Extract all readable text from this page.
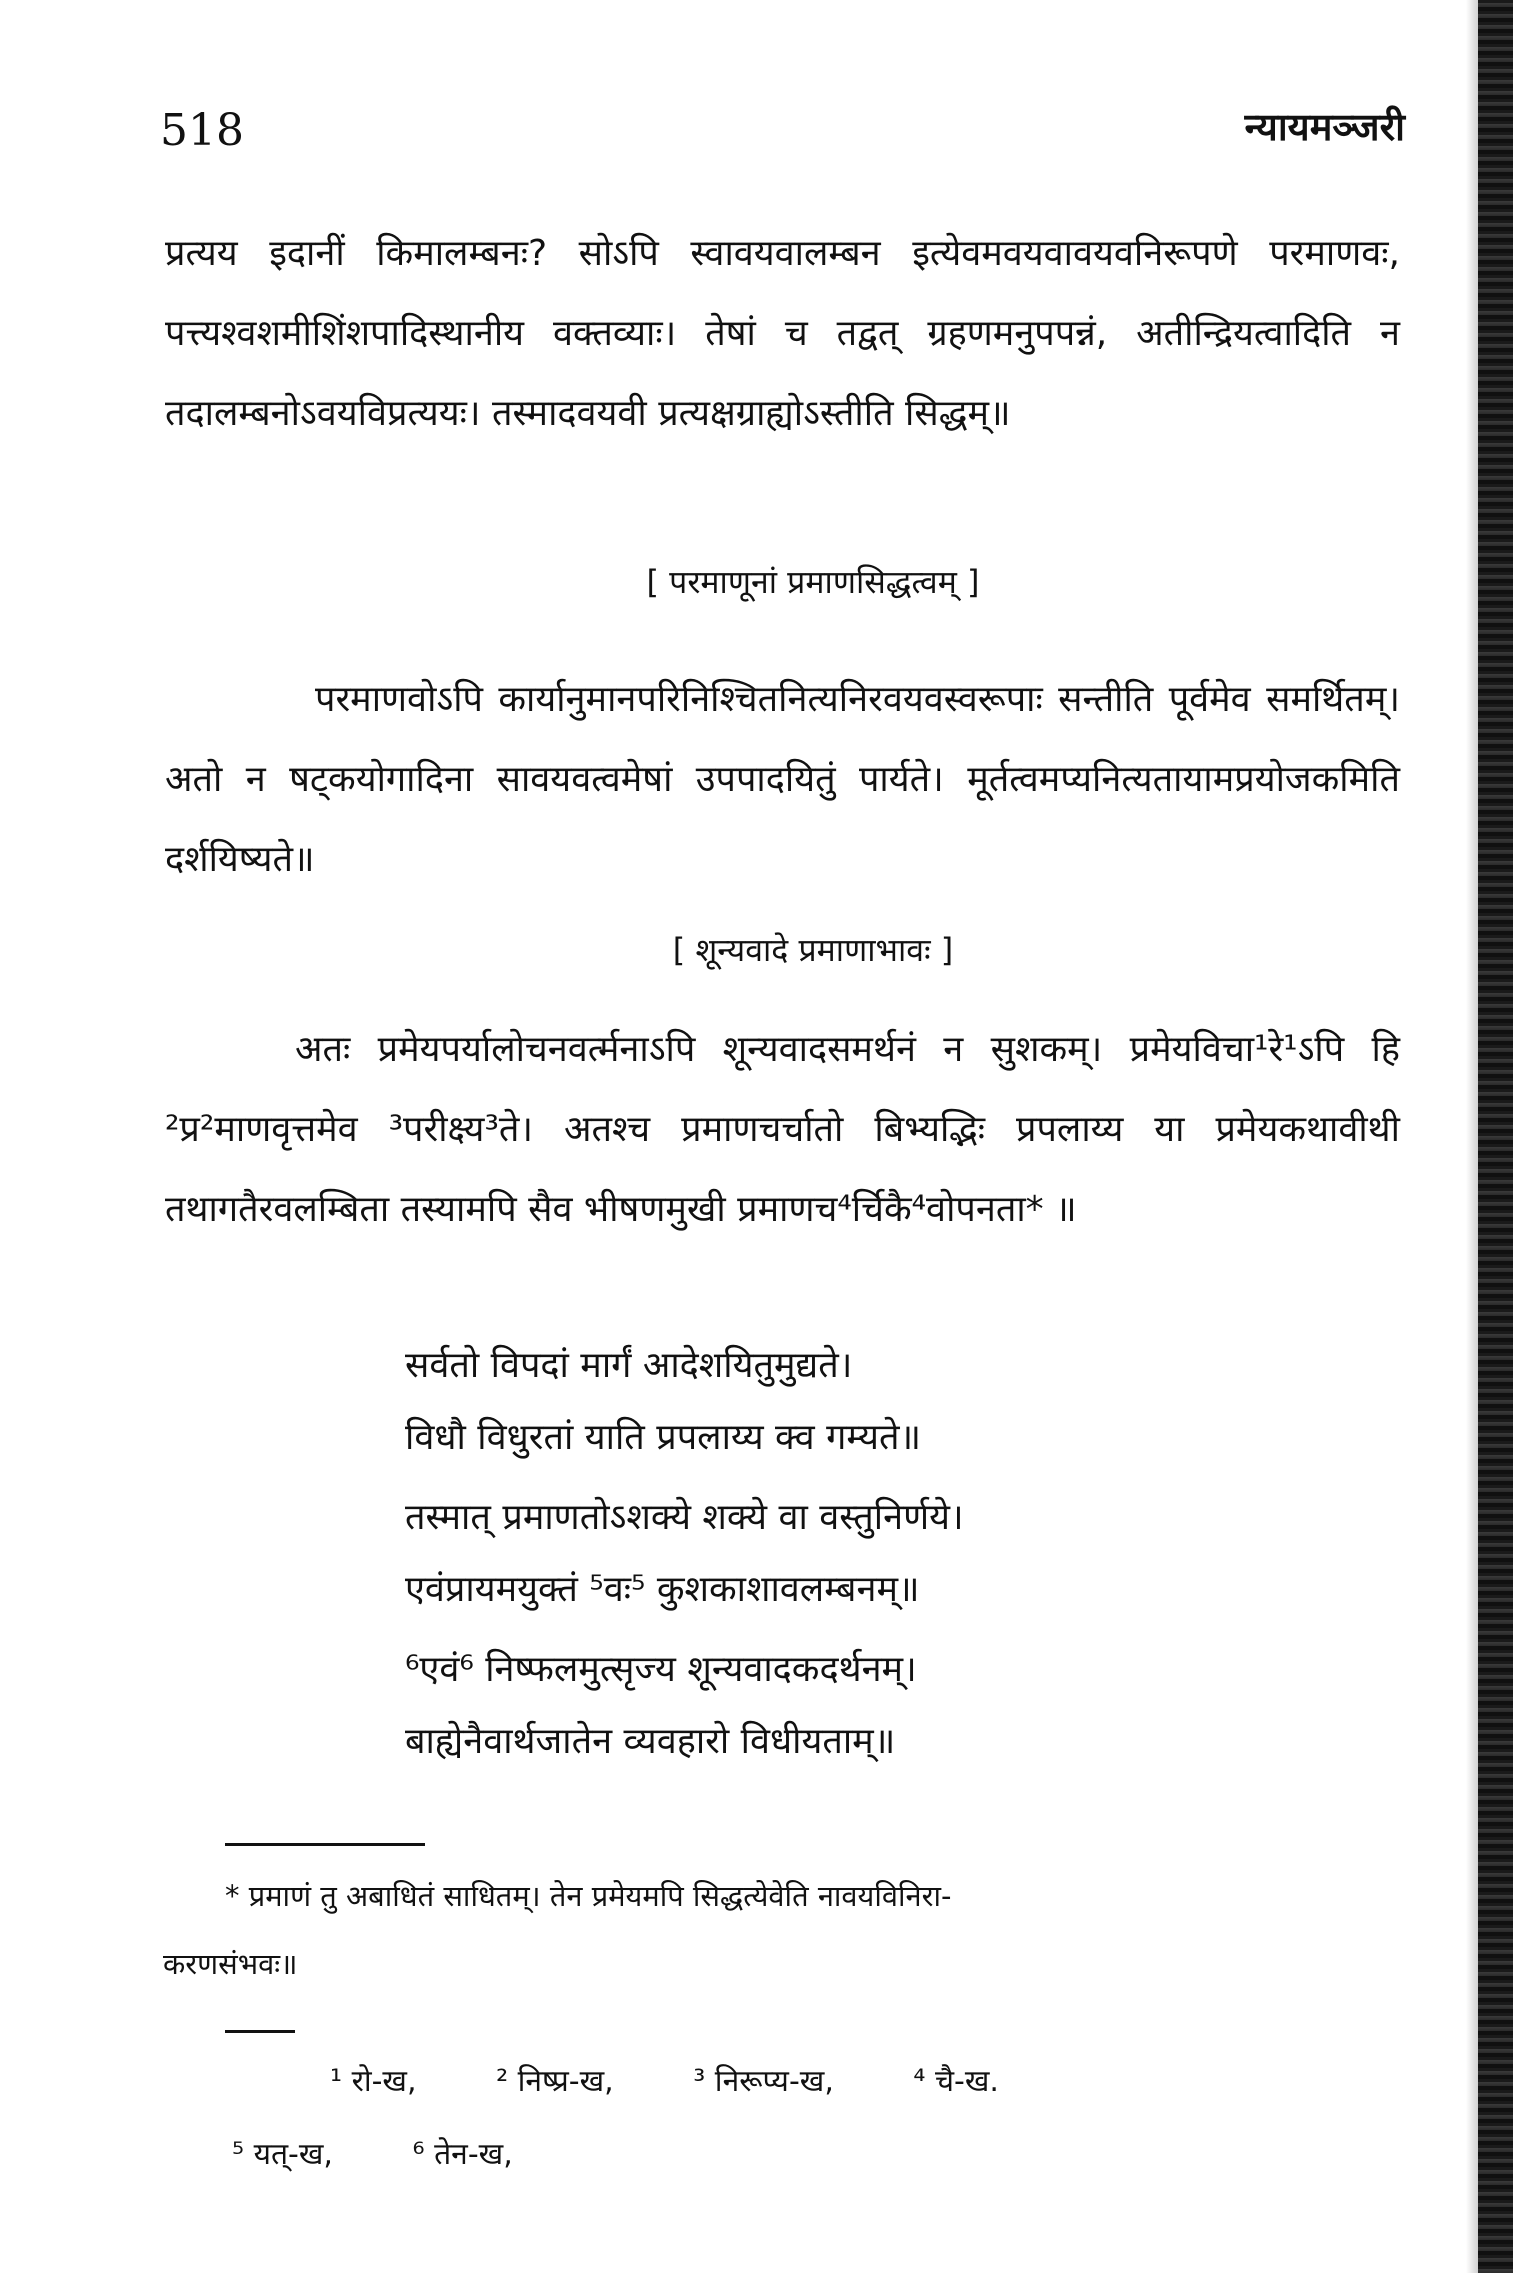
518	न्यायमञ्जरी

प्रत्यय इदानीं किमालम्बनः? सोऽपि स्वावयवालम्बन इत्येवमवयवावयवनिरूपणे परमाणवः, पत्त्यश्वशमीशिंशपादिस्थानीय वक्तव्याः। तेषां च तद्वत् ग्रहणमनुपपन्नं, अतीन्द्रियत्वादिति न तदालम्बनोऽवयविप्रत्ययः। तस्मादवयवी प्रत्यक्षग्राह्योऽस्तीति सिद्धम्॥

[ परमाणूनां प्रमाणसिद्धत्वम् ]

परमाणवोऽपि कार्यानुमानपरिनिश्चितनित्यनिरवयवस्वरूपाः सन्तीति पूर्वमेव समर्थितम्। अतो न षट्कयोगादिना सावयवत्वमेषां उपपादयितुं पार्यते। मूर्तत्वमप्यनित्यतायामप्रयोजकमिति दर्शयिष्यते॥

[ शून्यवादे प्रमाणाभावः ]

अतः प्रमेयपर्यालोचनवर्त्मनाऽपि शून्यवादसमर्थनं न सुशकम्। प्रमेयविचा¹रे¹ऽपि हि ²प्र²माणवृत्तमेव ³परीक्ष्य³ते। अतश्च प्रमाणचर्चातो बिभ्यद्भिः प्रपलाय्य या प्रमेयकथावीथी तथागतैरवलम्बिता तस्यामपि सैव भीषणमुखी प्रमाणच⁴र्चिकै⁴वोपनता* ॥

सर्वतो विपदां मार्गं आदेशयितुमुद्यते।
विधौ विधुरतां याति प्रपलाय्य क्व गम्यते॥
तस्मात् प्रमाणतोऽशक्ये शक्ये वा वस्तुनिर्णये।
एवंप्रायमयुक्तं ⁵वः⁵ कुशकाशावलम्बनम्॥
⁶एवं⁶ निष्फलमुत्सृज्य शून्यवादकदर्थनम्।
बाह्येनैवार्थजातेन व्यवहारो विधीयताम्॥
* प्रमाणं तु अबाधितं साधितम्। तेन प्रमेयमपि सिद्धत्येवेति नावयविनिरा-
करणसंभवः॥
¹ रो-ख,	² निष्प्र-ख,	³ निरूप्य-ख,	⁴ चै-ख.
⁵ यत्-ख,	⁶ तेन-ख,
